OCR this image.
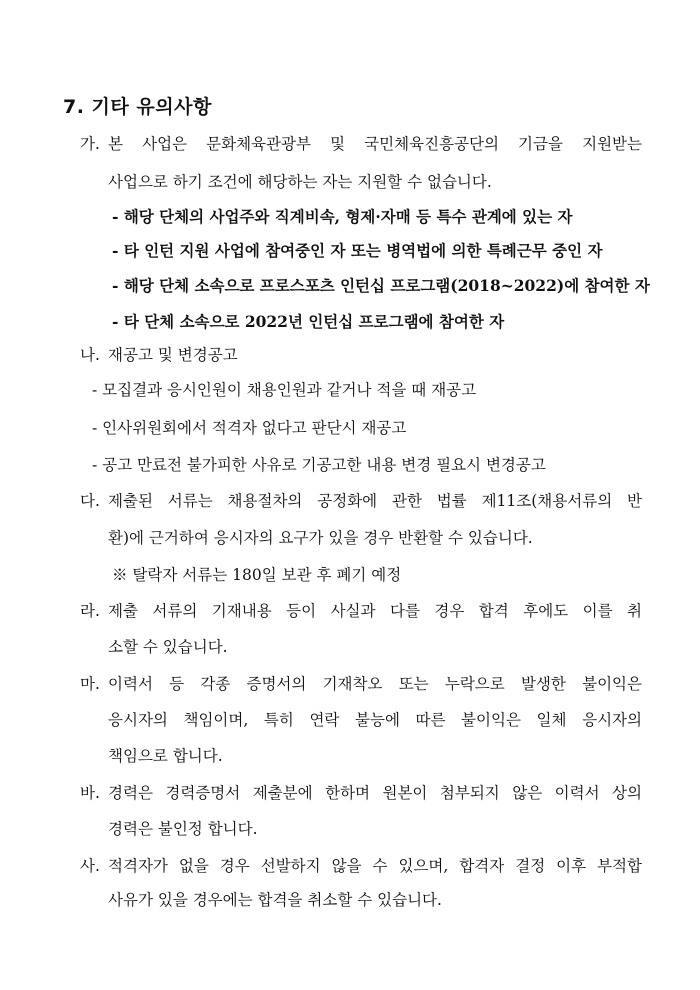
7. 기타 유의사항
가. 본 사업은 문화체육관광부 및 국민체육진흥공단의 기금을 지원받는
사업으로 하기 조건에 해당하는 자는 지원할 수 없습니다.
- 해당 단체의 사업주와 직계비속, 형제·자매 등 특수 관계에 있는 자
- 타 인턴 지원 사업에 참여중인 자 또는 병역법에 의한 특례근무 중인 자
- 해당 단체 소속으로 프로스포츠 인턴십 프로그램(2018~2022)에 참여한 자
- 타 단체 소속으로 2022년 인턴십 프로그램에 참여한 자
나. 재공고 및 변경공고
- 모집결과 응시인원이 채용인원과 같거나 적을 때 재공고
- 인사위원회에서 적격자 없다고 판단시 재공고
- 공고 만료전 불가피한 사유로 기공고한 내용 변경 필요시 변경공고
다. 제출된 서류는 채용절차의 공정화에 관한 법률 제11조(채용서류의 반
환)에 근거하여 응시자의 요구가 있을 경우 반환할 수 있습니다.
※ 탈락자 서류는 180일 보관 후 폐기 예정
라. 제출 서류의 기재내용 등이 사실과 다를 경우 합격 후에도 이를 취
소할 수 있습니다.
마. 이력서 등 각종 증명서의 기재착오 또는 누락으로 발생한 불이익은
응시자의 책임이며, 특히 연락 불능에 따른 불이익은 일체 응시자의
책임으로 합니다.
바. 경력은 경력증명서 제출분에 한하며 원본이 첨부되지 않은 이력서 상의
경력은 불인정 합니다.
사. 적격자가 없을 경우 선발하지 않을 수 있으며, 합격자 결정 이후 부적합
사유가 있을 경우에는 합격을 취소할 수 있습니다.
